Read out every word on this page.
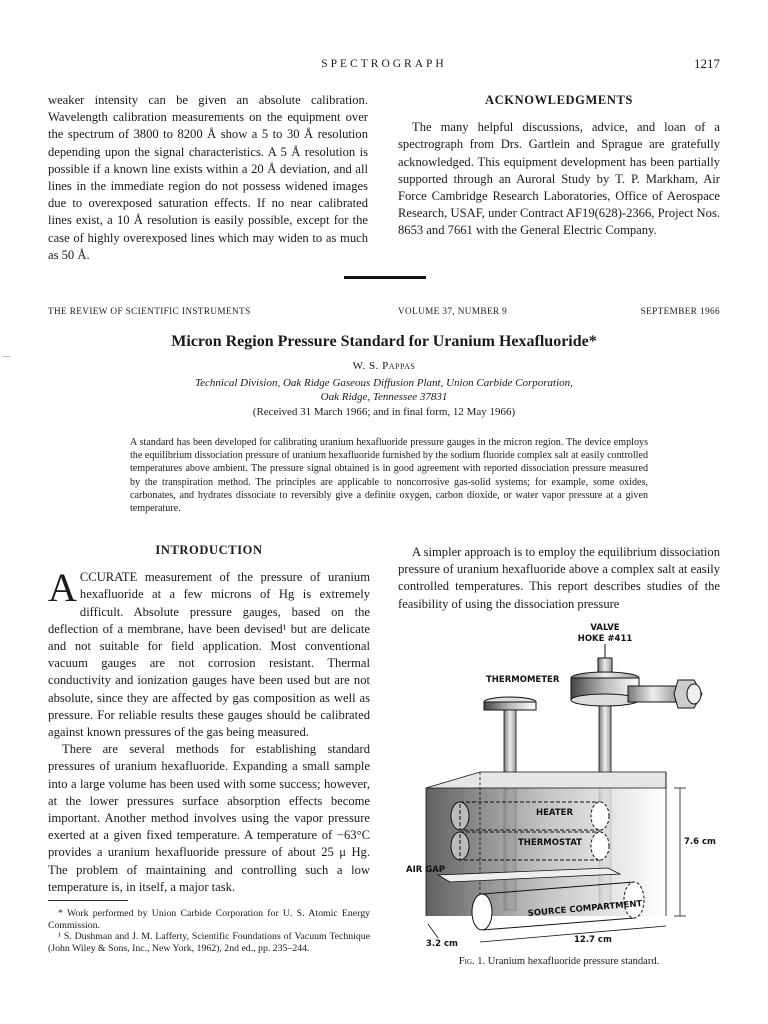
SPECTROGRAPH	1217
weaker intensity can be given an absolute calibration. Wavelength calibration measurements on the equipment over the spectrum of 3800 to 8200 Å show a 5 to 30 Å resolution depending upon the signal characteristics. A 5 Å resolution is possible if a known line exists within a 20 Å deviation, and all lines in the immediate region do not possess widened images due to overexposed saturation effects. If no near calibrated lines exist, a 10 Å resolution is easily possible, except for the case of highly overexposed lines which may widen to as much as 50 Å.
ACKNOWLEDGMENTS
The many helpful discussions, advice, and loan of a spectrograph from Drs. Gartlein and Sprague are gratefully acknowledged. This equipment development has been partially supported through an Auroral Study by T. P. Markham, Air Force Cambridge Research Laboratories, Office of Aerospace Research, USAF, under Contract AF19(628)-2366, Project Nos. 8653 and 7661 with the General Electric Company.
THE REVIEW OF SCIENTIFIC INSTRUMENTS	VOLUME 37, NUMBER 9	SEPTEMBER 1966
Micron Region Pressure Standard for Uranium Hexafluoride*
W. S. Pappas
Technical Division, Oak Ridge Gaseous Diffusion Plant, Union Carbide Corporation,
Oak Ridge, Tennessee 37831
(Received 31 March 1966; and in final form, 12 May 1966)
A standard has been developed for calibrating uranium hexafluoride pressure gauges in the micron region. The device employs the equilibrium dissociation pressure of uranium hexafluoride furnished by the sodium fluoride complex salt at easily controlled temperatures above ambient. The pressure signal obtained is in good agreement with reported dissociation pressure measured by the transpiration method. The principles are applicable to noncorrosive gas-solid systems; for example, some oxides, carbonates, and hydrates dissociate to reversibly give a definite oxygen, carbon dioxide, or water vapor pressure at a given temperature.
INTRODUCTION
ACCURATE measurement of the pressure of uranium hexafluoride at a few microns of Hg is extremely difficult. Absolute pressure gauges, based on the deflection of a membrane, have been devised¹ but are delicate and not suitable for field application. Most conventional vacuum gauges are not corrosion resistant. Thermal conductivity and ionization gauges have been used but are not absolute, since they are affected by gas composition as well as pressure. For reliable results these gauges should be calibrated against known pressures of the gas being measured.
There are several methods for establishing standard pressures of uranium hexafluoride. Expanding a small sample into a large volume has been used with some success; however, at the lower pressures surface absorption effects become important. Another method involves using the vapor pressure exerted at a given fixed temperature. A temperature of −63°C provides a uranium hexafluoride pressure of about 25 μ Hg. The problem of maintaining and controlling such a low temperature is, in itself, a major task.
A simpler approach is to employ the equilibrium dissociation pressure of uranium hexafluoride above a complex salt at easily controlled temperatures. This report describes studies of the feasibility of using the dissociation pressure

* Work performed by Union Carbide Corporation for U. S. Atomic Energy Commission.

¹ S. Dushman and J. M. Lafferty, Scientific Foundations of Vacuum Technique (John Wiley & Sons, Inc., New York, 1962), 2nd ed., pp. 235–244.

VALVE
HOKE #411
THERMOMETER
HEATER
THERMOSTAT
AIR GAP
SOURCE COMPARTMENT
7.6 cm
3.2 cm	12.7 cm
Fig. 1. Uranium hexafluoride pressure standard.
